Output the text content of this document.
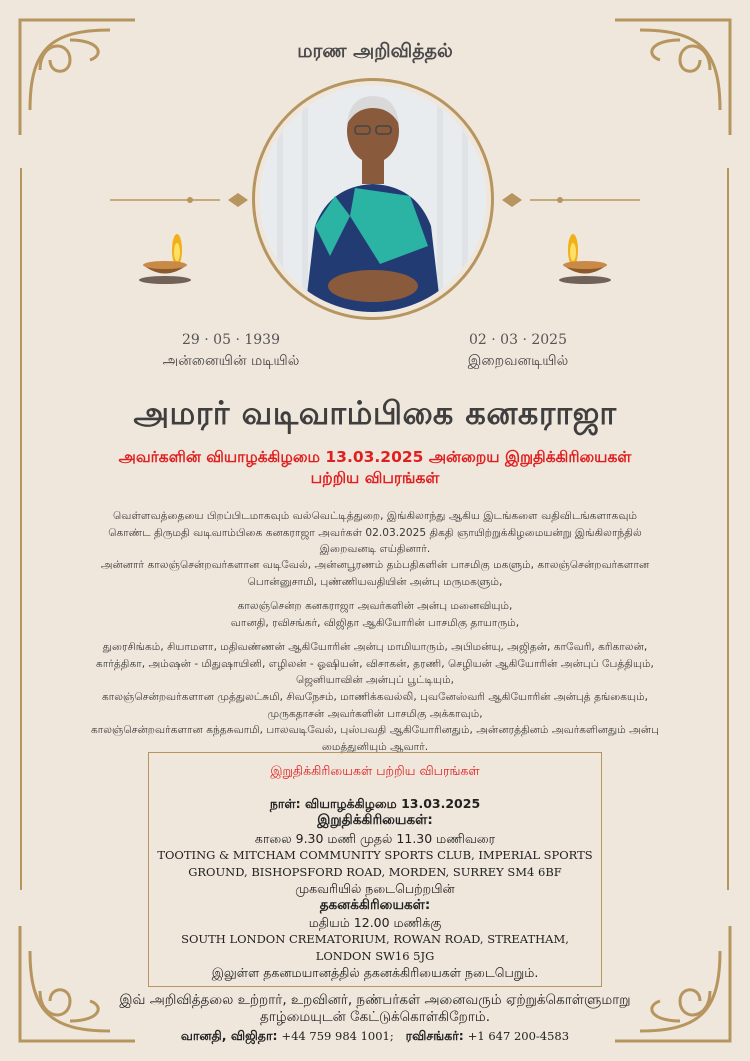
மரண அறிவித்தல்
29 · 05 · 1939
அன்னையின் மடியில்
02 · 03 · 2025
இறைவனடியில்
அமரர் வடிவாம்பிகை கனகராஜா
அவர்களின் வியாழக்கிழமை 13.03.2025 அன்றைய இறுதிக்கிரியைகள்
பற்றிய விபரங்கள்
வெள்ளவத்தையை பிறப்பிடமாகவும் வல்வெட்டித்துறை, இங்கிலாந்து ஆகிய இடங்களை வதிவிடங்களாகவும்
கொண்ட திருமதி வடிவாம்பிகை கனகராஜா அவர்கள் 02.03.2025 திகதி ஞாயிற்றுக்கிழமையன்று இங்கிலாந்தில்
இறைவனடி எய்தினார்.
அன்னார் காலஞ்சென்றவர்களான வடிவேல், அன்னபூரணம் தம்பதிகளின் பாசமிகு மகளும், காலஞ்சென்றவர்களான
பொன்னுசாமி, புண்ணியவதியின் அன்பு மருமகளும்,
காலஞ்சென்ற கனகராஜா அவர்களின் அன்பு மனைவியும்,
வானதி, ரவிசங்கர், விஜிதா ஆகியோரின் பாசமிகு தாயாரும்,
துரைசிங்கம், சியாமளா, மதிவண்ணன் ஆகியோரின் அன்பு மாமியாரும், அபிமன்யு, அஜிதன், காவேரி, கரிகாலன்,
கார்த்திகா, அம்ஷன் - மிதுஷாயினி, எழிலன் - ஓஷியன், விசாகன், தரணி, செழியன் ஆகியோரின் அன்புப் பேத்தியும்,
ஜெனியாவின் அன்புப் பூட்டியும்,
காலஞ்சென்றவர்களான முத்துலட்சுமி, சிவநேசம், மாணிக்கவல்லி, புவனேஸ்வரி ஆகியோரின் அன்புத் தங்கையும்,
முருகதாசன் அவர்களின் பாசமிகு அக்காவும்,
காலஞ்சென்றவர்களான கந்தசுவாமி, பாலவடிவேல், புஸ்பவதி ஆகியோரினதும், அன்னரத்தினம் அவர்களினதும் அன்பு
மைத்துனியும் ஆவார்.
இறுதிக்கிரியைகள் பற்றிய விபரங்கள்
நாள்: வியாழக்கிழமை 13.03.2025
இறுதிக்கிரியைகள்:
காலை 9.30 மணி முதல் 11.30 மணிவரை
TOOTING & MITCHAM COMMUNITY SPORTS CLUB, IMPERIAL SPORTS
GROUND, BISHOPSFORD ROAD, MORDEN, SURREY SM4 6BF
முகவரியில் நடைபெற்றபின்
தகனக்கிரியைகள்:
மதியம் 12.00 மணிக்கு
SOUTH LONDON CREMATORIUM, ROWAN ROAD, STREATHAM,
LONDON SW16 5JG
இலுள்ள தகனமயானத்தில் தகனக்கிரியைகள் நடைபெறும்.
இவ் அறிவித்தலை உற்றார், உறவினர், நண்பர்கள் அனைவரும் ஏற்றுக்கொள்ளுமாறு
தாழ்மையுடன் கேட்டுக்கொள்கிறோம்.
வானதி, விஜிதா: +44 759 984 1001; ரவிசங்கர்: +1 647 200-4583
